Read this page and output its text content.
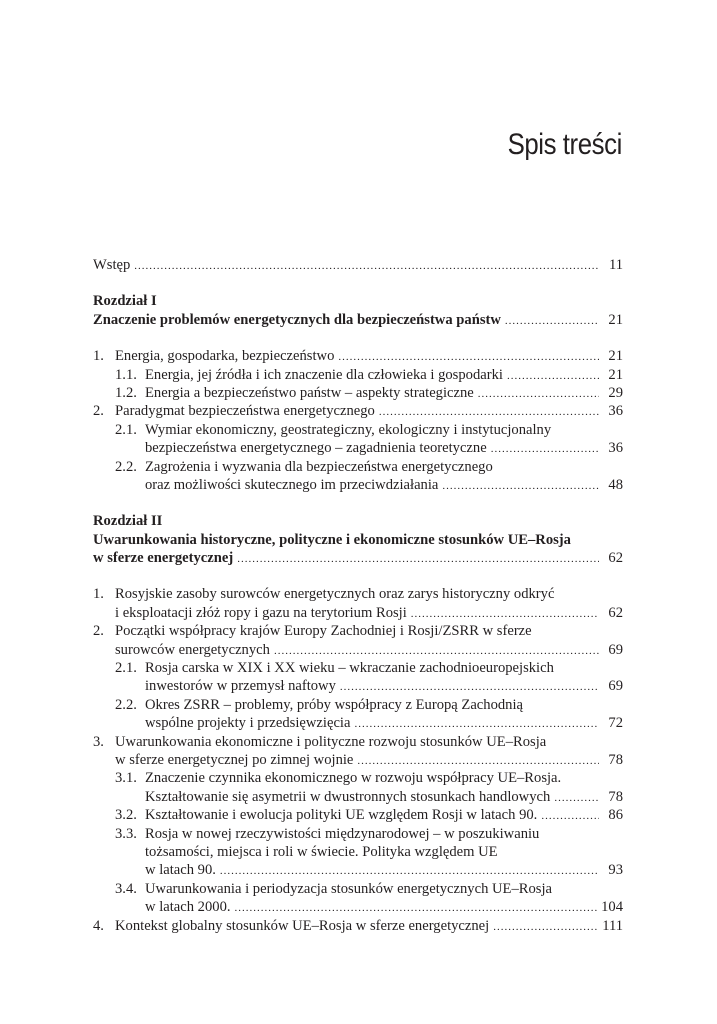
Spis treści
Wstęp .....	11
Rozdział I
Znaczenie problemów energetycznych dla bezpieczeństwa państw .....	21
1. Energia, gospodarka, bezpieczeństwo .....	21
1.1. Energia, jej źródła i ich znaczenie dla człowieka i gospodarki .....	21
1.2. Energia a bezpieczeństwo państw – aspekty strategiczne .....	29
2. Paradygmat bezpieczeństwa energetycznego .....	36
2.1. Wymiar ekonomiczny, geostrategiczny, ekologiczny i instytucjonalny
bezpieczeństwa energetycznego – zagadnienia teoretyczne .....	36
2.2. Zagrożenia i wyzwania dla bezpieczeństwa energetycznego
oraz możliwości skutecznego im przeciwdziałania .....	48
Rozdział II
Uwarunkowania historyczne, polityczne i ekonomiczne stosunków UE–Rosja
w sferze energetycznej .....	62
1. Rosyjskie zasoby surowców energetycznych oraz zarys historyczny odkryć
i eksploatacji złóż ropy i gazu na terytorium Rosji .....	62
2. Początki współpracy krajów Europy Zachodniej i Rosji/ZSRR w sferze
surowców energetycznych .....	69
2.1. Rosja carska w XIX i XX wieku – wkraczanie zachodnioeuropejskich
inwestorów w przemysł naftowy .....	69
2.2. Okres ZSRR – problemy, próby współpracy z Europą Zachodnią
wspólne projekty i przedsięwzięcia .....	72
3. Uwarunkowania ekonomiczne i polityczne rozwoju stosunków UE–Rosja
w sferze energetycznej po zimnej wojnie .....	78
3.1. Znaczenie czynnika ekonomicznego w rozwoju współpracy UE–Rosja.
Kształtowanie się asymetrii w dwustronnych stosunkach handlowych .....	78
3.2. Kształtowanie i ewolucja polityki UE względem Rosji w latach 90. .....	86
3.3. Rosja w nowej rzeczywistości międzynarodowej – w poszukiwaniu
tożsamości, miejsca i roli w świecie. Polityka względem UE
w latach 90. .....	93
3.4. Uwarunkowania i periodyzacja stosunków energetycznych UE–Rosja
w latach 2000. .....	104
4. Kontekst globalny stosunków UE–Rosja w sferze energetycznej .....	111
